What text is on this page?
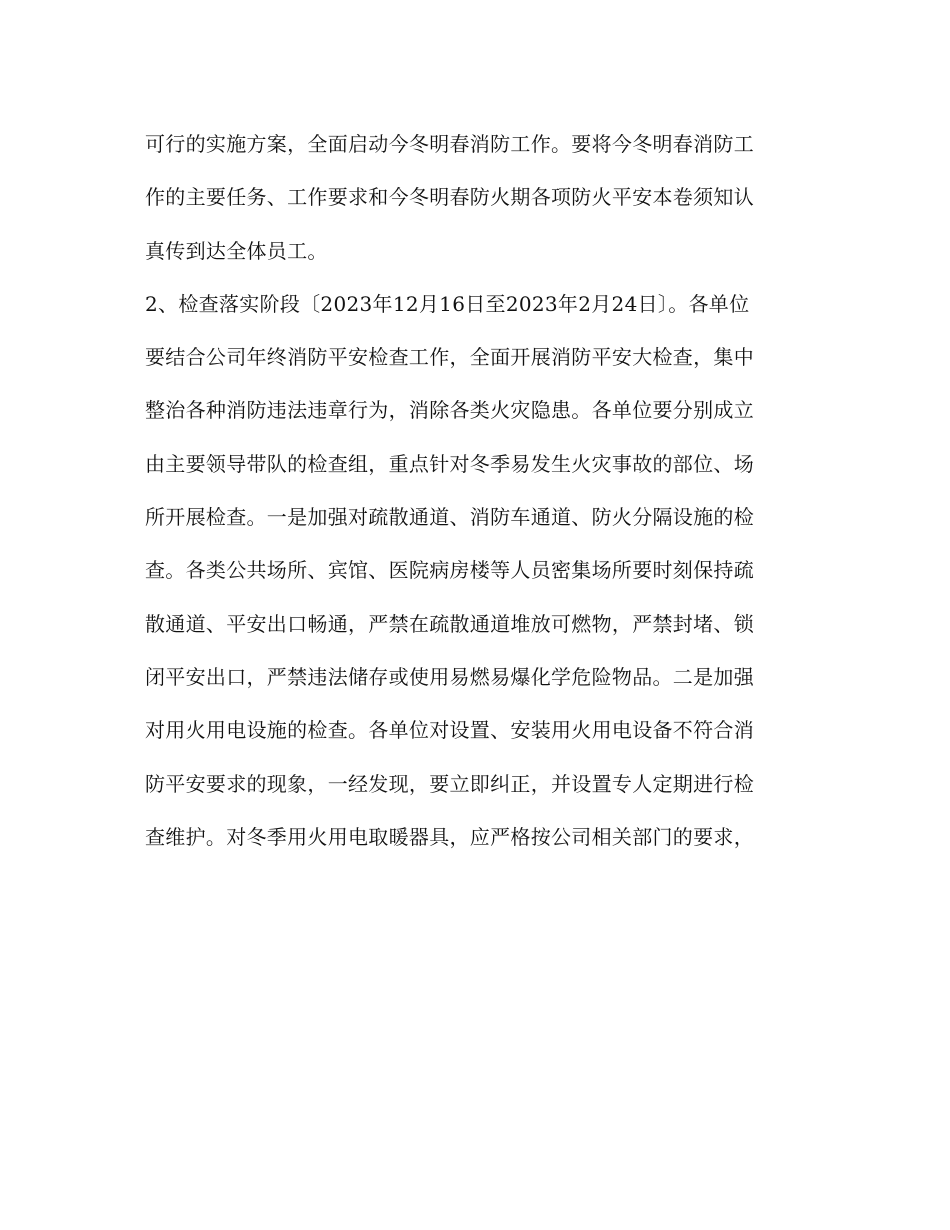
可行的实施方案，全面启动今冬明春消防工作。要将今冬明春消防工
作的主要任务、工作要求和今冬明春防火期各项防火平安本卷须知认
真传到达全体员工。
2、检查落实阶段〔2023年12月16日至2023年2月24日〕。各单位
要结合公司年终消防平安检查工作，全面开展消防平安大检查，集中
整治各种消防违法违章行为，消除各类火灾隐患。各单位要分别成立
由主要领导带队的检查组，重点针对冬季易发生火灾事故的部位、场
所开展检查。一是加强对疏散通道、消防车通道、防火分隔设施的检
查。各类公共场所、宾馆、医院病房楼等人员密集场所要时刻保持疏
散通道、平安出口畅通，严禁在疏散通道堆放可燃物，严禁封堵、锁
闭平安出口，严禁违法储存或使用易燃易爆化学危险物品。二是加强
对用火用电设施的检查。各单位对设置、安装用火用电设备不符合消
防平安要求的现象，一经发现，要立即纠正，并设置专人定期进行检
查维护。对冬季用火用电取暖器具，应严格按公司相关部门的要求，
